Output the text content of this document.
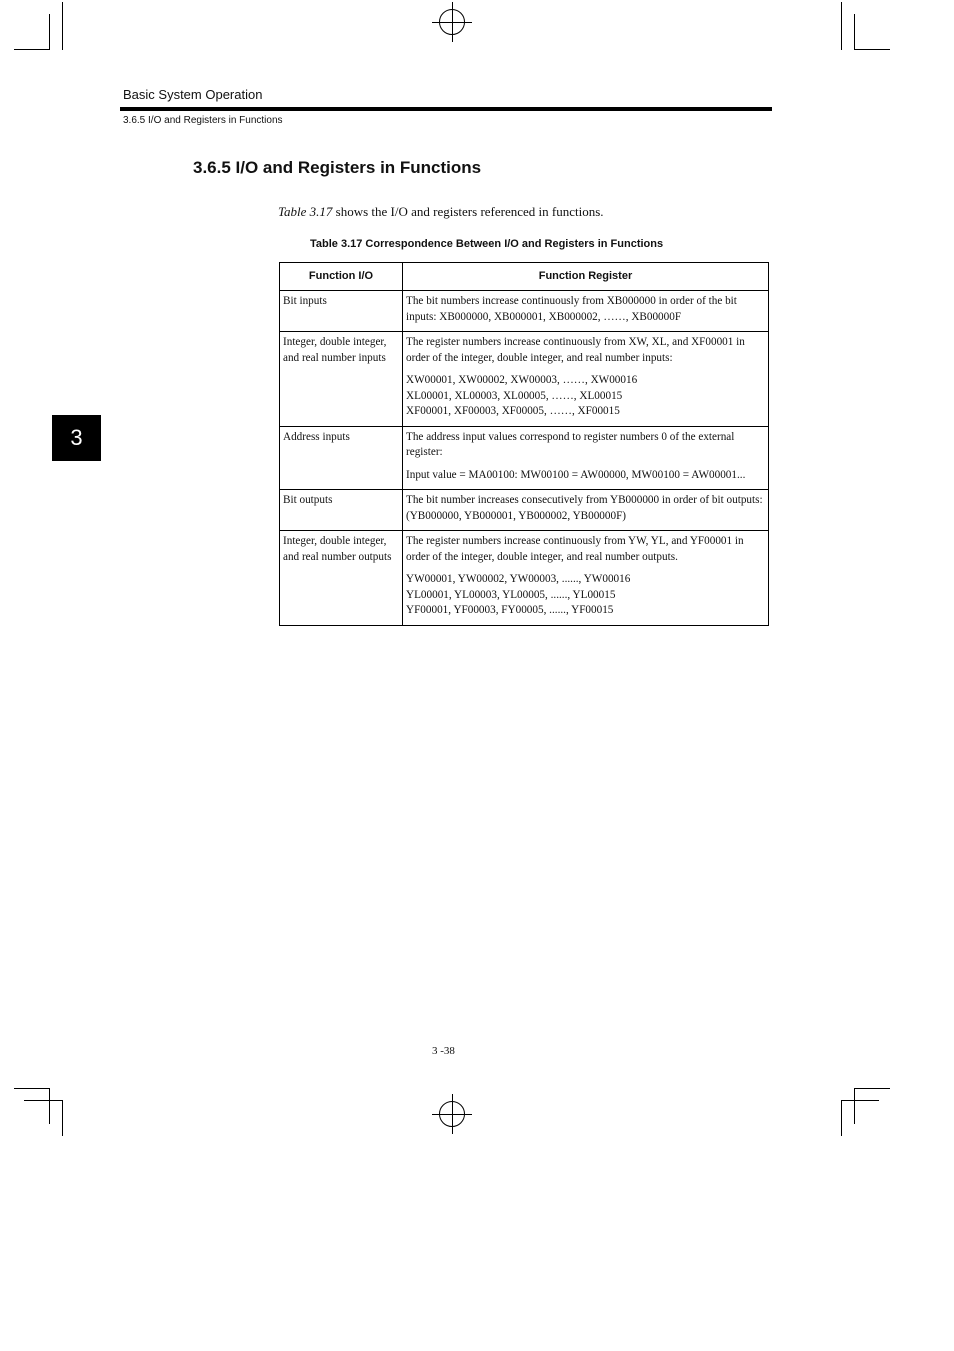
Basic System Operation
3.6.5 I/O and Registers in Functions
3.6.5 I/O and Registers in Functions
Table 3.17 shows the I/O and registers referenced in functions.
Table 3.17 Correspondence Between I/O and Registers in Functions
Function I/O	Function Register
Bit inputs	The bit numbers increase continuously from XB000000 in order of the bit inputs: XB000000, XB000001, XB000002, ……, XB00000F

Integer, double integer, and real number inputs	The register numbers increase continuously from XW, XL, and XF00001 in order of the integer, double integer, and real number inputs:
XW00001, XW00002, XW00003, ……, XW00016
XL00001, XL00003, XL00005, ……, XL00015
XF00001, XF00003, XF00005, ……, XF00015

Address inputs	The address input values correspond to register numbers 0 of the external register:
Input value = MA00100: MW00100 = AW00000, MW00100 = AW00001...

Bit outputs	The bit number increases consecutively from YB000000 in order of bit outputs: (YB000000, YB000001, YB000002, YB00000F)

Integer, double integer, and real number outputs	The register numbers increase continuously from YW, YL, and YF00001 in order of the integer, double integer, and real number outputs.
YW00001, YW00002, YW00003, ......, YW00016
YL00001, YL00003, YL00005, ......, YL00015
YF00001, YF00003, FY00005, ......, YF00015
3
3 -38
